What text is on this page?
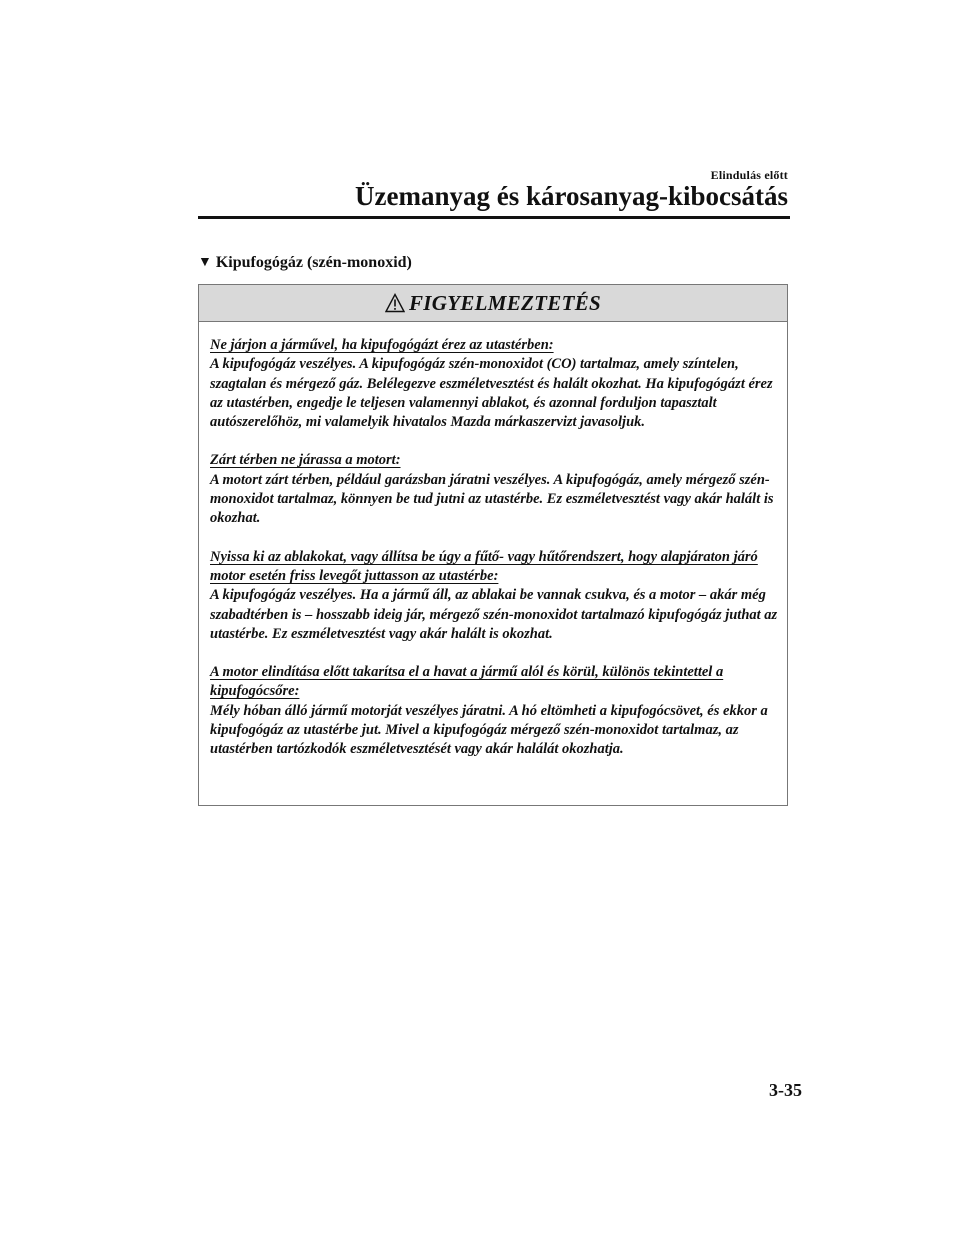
Elindulás előtt
Üzemanyag és károsanyag-kibocsátás
▼ Kipufogógáz (szén-monoxid)
FIGYELMEZTETÉS
Ne járjon a járművel, ha kipufogógázt érez az utastérben:
A kipufogógáz veszélyes. A kipufogógáz szén-monoxidot (CO) tartalmaz, amely színtelen, szagtalan és mérgező gáz. Belélegezve eszméletvesztést és halált okozhat. Ha kipufogógázt érez az utastérben, engedje le teljesen valamennyi ablakot, és azonnal forduljon tapasztalt autószerelőhöz, mi valamelyik hivatalos Mazda márkaszervizt javasoljuk.
Zárt térben ne járassa a motort:
A motort zárt térben, például garázsban járatni veszélyes. A kipufogógáz, amely mérgező szén-monoxidot tartalmaz, könnyen be tud jutni az utastérbe. Ez eszméletvesztést vagy akár halált is okozhat.
Nyissa ki az ablakokat, vagy állítsa be úgy a fűtő- vagy hűtőrendszert, hogy alapjáraton járó motor esetén friss levegőt juttasson az utastérbe:
A kipufogógáz veszélyes. Ha a jármű áll, az ablakai be vannak csukva, és a motor – akár még szabadtérben is – hosszabb ideig jár, mérgező szén-monoxidot tartalmazó kipufogógáz juthat az utastérbe. Ez eszméletvesztést vagy akár halált is okozhat.
A motor elindítása előtt takarítsa el a havat a jármű alól és körül, különös tekintettel a kipufogócsőre:
Mély hóban álló jármű motorját veszélyes járatni. A hó eltömheti a kipufogócsövet, és ekkor a kipufogógáz az utastérbe jut. Mivel a kipufogógáz mérgező szén-monoxidot tartalmaz, az utastérben tartózkodók eszméletvesztését vagy akár halálát okozhatja.
3-35
